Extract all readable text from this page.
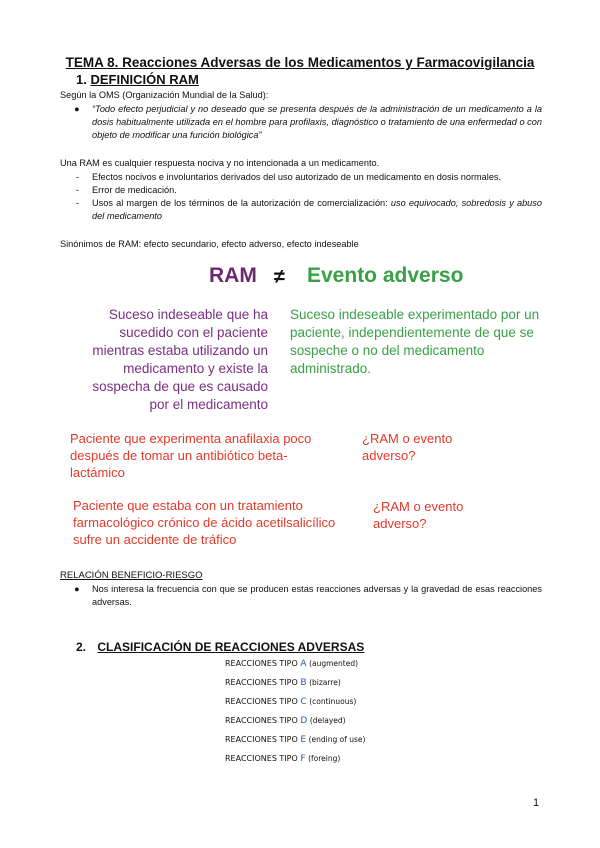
TEMA 8. Reacciones Adversas de los Medicamentos y Farmacovigilancia
1. DEFINICIÓN RAM
Según la OMS (Organización Mundial de la Salud):
● “Todo efecto perjudicial y no deseado que se presenta después de la administración de un medicamento a la dosis habitualmente utilizada en el hombre para profilaxis, diagnóstico o tratamiento de una enfermedad o con objeto de modificar una función biológica”
Una RAM es cualquier respuesta nociva y no intencionada a un medicamento.
- Efectos nocivos e involuntarios derivados del uso autorizado de un medicamento en dosis normales.
- Error de medicación.
- Usos al margen de los términos de la autorización de comercialización: uso equivocado, sobredosis y abuso del medicamento
Sinónimos de RAM: efecto secundario, efecto adverso, efecto indeseable
RAM ≠ Evento adverso
Suceso indeseable que ha sucedido con el paciente mientras estaba utilizando un medicamento y existe la sospecha de que es causado por el medicamento
Suceso indeseable experimentado por un paciente, independientemente de que se sospeche o no del medicamento administrado.
Paciente que experimenta anafilaxia poco después de tomar un antibiótico beta-lactámico
¿RAM o evento adverso?
Paciente que estaba con un tratamiento farmacológico crónico de ácido acetilsalicílico sufre un accidente de tráfico
¿RAM o evento adverso?
RELACIÓN BENEFICIO-RIESGO
● Nos interesa la frecuencia con que se producen estas reacciones adversas y la gravedad de esas reacciones adversas.
2. CLASIFICACIÓN DE REACCIONES ADVERSAS
REACCIONES TIPO A (augmented)
REACCIONES TIPO B (bizarre)
REACCIONES TIPO C (continuous)
REACCIONES TIPO D (delayed)
REACCIONES TIPO E (ending of use)
REACCIONES TIPO F (foreing)
1
